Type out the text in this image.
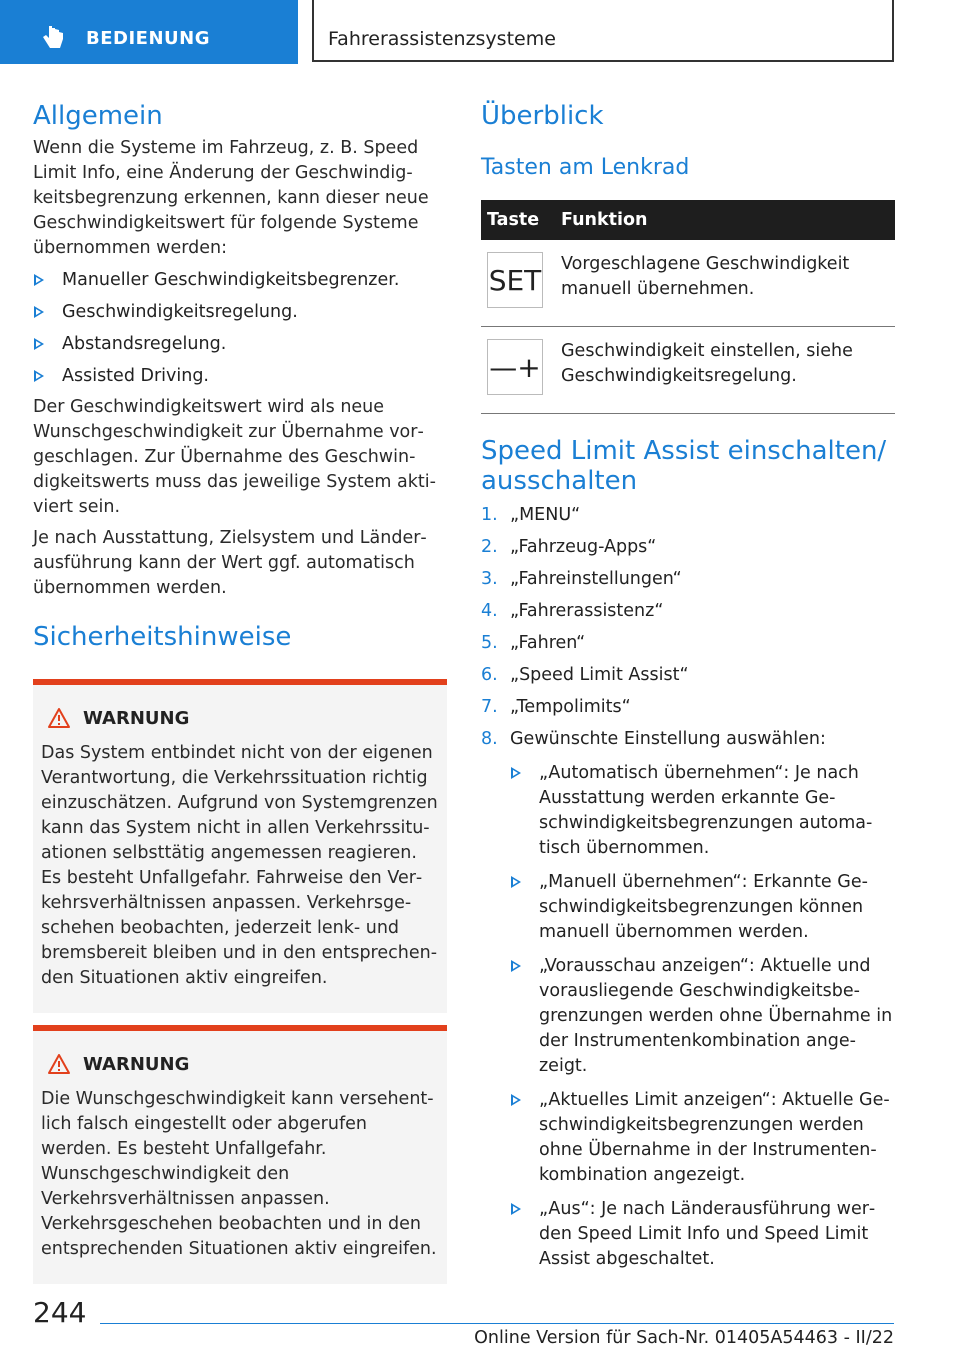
BEDIENUNG	Fahrerassistenzsysteme
Allgemein

Wenn die Systeme im Fahrzeug, z. B. Speed Limit Info, eine Änderung der Geschwindigkeitsbegrenzung erkennen, kann dieser neue Geschwindigkeitswert für folgende Systeme übernommen werden:

Manueller Geschwindigkeitsbegrenzer.
Geschwindigkeitsregelung.
Abstandsregelung.
Assisted Driving.

Der Geschwindigkeitswert wird als neue Wunschgeschwindigkeit zur Übernahme vorgeschlagen. Zur Übernahme des Geschwindigkeitswerts muss das jeweilige System aktiviert sein.

Je nach Ausstattung, Zielsystem und Länderausführung kann der Wert ggf. automatisch übernommen werden.

Sicherheitshinweise
WARNUNG

Das System entbindet nicht von der eigenen Verantwortung, die Verkehrssituation richtig einzuschätzen. Aufgrund von Systemgrenzen kann das System nicht in allen Verkehrssituationen selbsttätig angemessen reagieren. Es besteht Unfallgefahr. Fahrweise den Verkehrsverhältnissen anpassen. Verkehrsgeschehen beobachten, jederzeit lenk- und bremsbereit bleiben und in den entsprechenden Situationen aktiv eingreifen.

WARNUNG

Die Wunschgeschwindigkeit kann versehentlich falsch eingestellt oder abgerufen werden. Es besteht Unfallgefahr. Wunschgeschwindigkeit den Verkehrsverhältnissen anpassen. Verkehrsgeschehen beobachten und in den entsprechenden Situationen aktiv eingreifen.

Überblick
Tasten am Lenkrad
Taste	Funktion

SET	Vorgeschlagene Geschwindigkeit manuell übernehmen.

—+	Geschwindigkeit einstellen, siehe Geschwindigkeitsregelung.
Speed Limit Assist einschalten/ ausschalten
1. „MENU“
2. „Fahrzeug-Apps“
3. „Fahreinstellungen“
4. „Fahrerassistenz“
5. „Fahren“
6. „Speed Limit Assist“
7. „Tempolimits“
8. Gewünschte Einstellung auswählen:
„Automatisch übernehmen“: Je nach Ausstattung werden erkannte Geschwindigkeitsbegrenzungen automatisch übernommen.
„Manuell übernehmen“: Erkannte Geschwindigkeitsbegrenzungen können manuell übernommen werden.
„Vorausschau anzeigen“: Aktuelle und vorausliegende Geschwindigkeitsbegrenzungen werden ohne Übernahme in der Instrumentenkombination angezeigt.
„Aktuelles Limit anzeigen“: Aktuelle Geschwindigkeitsbegrenzungen werden ohne Übernahme in der Instrumentenkombination angezeigt.
„Aus“: Je nach Länderausführung werden Speed Limit Info und Speed Limit Assist abgeschaltet.
244
Online Version für Sach-Nr. 01405A54463 - II/22
